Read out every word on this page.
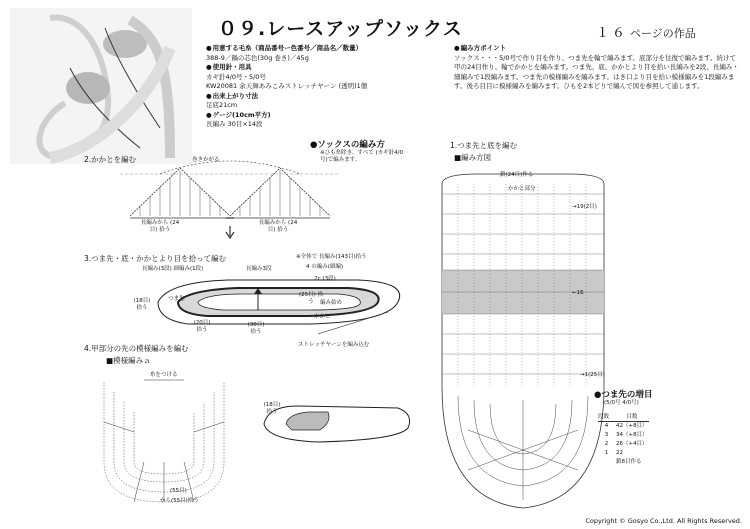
０９.レースアップソックス	１６ ページの作品
● 用意する毛糸（商品番号ー色番号／商品名／数量）
388-9／鍋の芯色(30g 巻き)／45g
● 使用針・用具
カギ針4/0号・5/0号
KW20081 余天舞あみこみストレッチヤーン (透明)1個
● 出来上がり寸法
足底21cm
● ゲージ(10cm平方)
長編み 30目×14段
● 編み方ポイント
ソックス・・・5/0号で作り目を作り、つま先を輪で編みます。底部分を往復で編みます。続けて甲の24目作り、輪でかかとを編みます。つま先、底、かかとより目を拾い長編みを2段、長編み・細編みで1段編みます。つま先の模様編みを編みます。はき口より目を拾い模様編みを1段編みます。後ろ目目に模様編みを編みます。ひもを2本どりで編んで図を参照して通します。
2.かかとを編む	巻きかがる
長編みから (24目) 拾う
長編みから (24目) 拾う
●ソックスの編み方
※ひも糸除き、すべて (カギ針4/0号)で編みます。
3.つま先・底・かかとより目を拾って編む
長編み(3段) 細編み(1段)	長編み3段
※全体で 長編み(143目)拾う
4 の編み(細編)
つま先
(18目) 拾う
(20目) 拾う
(30目) 拾う
(25目) 拾う
2c (3段)
編み始め
かかと
ストレッチヤーンを編み込む
4.甲部分の先の模様編みを編む
■模様編みａ
糸をつける
(55目)
から(55目)拾う
(18目)
拾う
1.つま先と底を編む
■編み方図
鎖(24目)作る
かかと部分
→19(2目)
←16
→1(25目)
●つま先の増目
(5/0号 4/0号)
段数	目数
4	42（+8目）
3	34（+8目）
2	26（+4目）
1	22
	鎖8目作る
Copyright © Gosyo Co.,Ltd. All Rights Reserved.
